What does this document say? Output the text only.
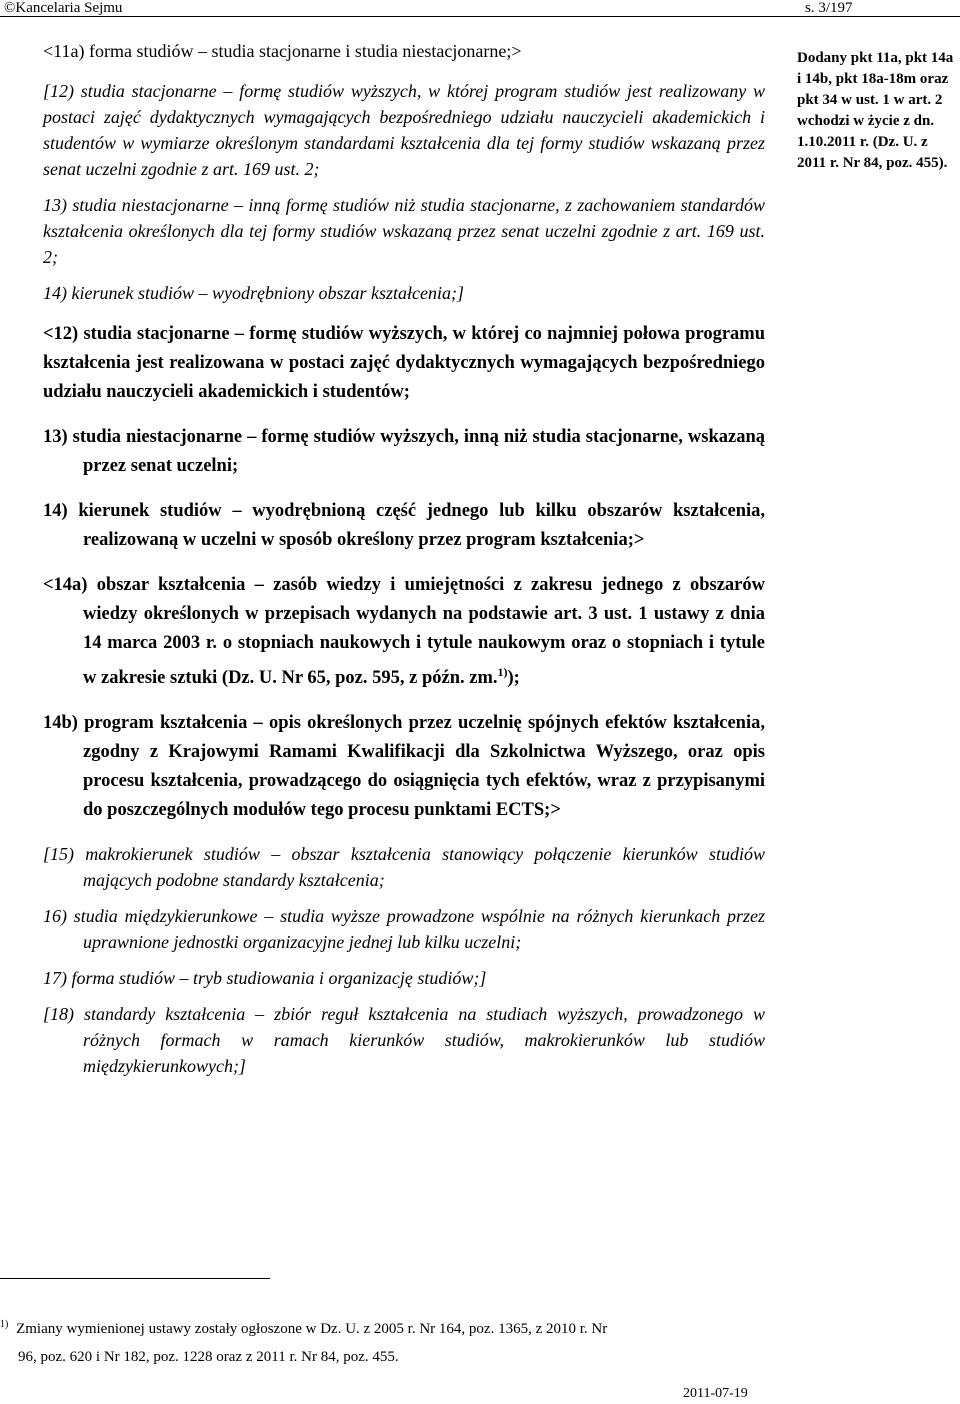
©Kancelaria Sejmu	s. 3/197

<11a) forma studiów – studia stacjonarne i studia niestacjonarne;>

[12) studia stacjonarne – formę studiów wyższych, w której program studiów jest realizowany w postaci zajęć dydaktycznych wymagających bezpośredniego udziału nauczycieli akademickich i studentów w wymiarze określonym standardami kształcenia dla tej formy studiów wskazaną przez senat uczelni zgodnie z art. 169 ust. 2;

13) studia niestacjonarne – inną formę studiów niż studia stacjonarne, z zachowaniem standardów kształcenia określonych dla tej formy studiów wskazaną przez senat uczelni zgodnie z art. 169 ust. 2;

14) kierunek studiów – wyodrębniony obszar kształcenia;]

<12) studia stacjonarne – formę studiów wyższych, w której co najmniej połowa programu kształcenia jest realizowana w postaci zajęć dydaktycznych wymagających bezpośredniego udziału nauczycieli akademickich i studentów;

13) studia niestacjonarne – formę studiów wyższych, inną niż studia stacjonarne, wskazaną przez senat uczelni;

14) kierunek studiów – wyodrębnioną część jednego lub kilku obszarów kształcenia, realizowaną w uczelni w sposób określony przez program kształcenia;>

<14a) obszar kształcenia – zasób wiedzy i umiejętności z zakresu jednego z obszarów wiedzy określonych w przepisach wydanych na podstawie art. 3 ust. 1 ustawy z dnia 14 marca 2003 r. o stopniach naukowych i tytule naukowym oraz o stopniach i tytule w zakresie sztuki (Dz. U. Nr 65, poz. 595, z późn. zm.$^{1)}$);

14b) program kształcenia – opis określonych przez uczelnię spójnych efektów kształcenia, zgodny z Krajowymi Ramami Kwalifikacji dla Szkolnictwa Wyższego, oraz opis procesu kształcenia, prowadzącego do osiągnięcia tych efektów, wraz z przypisanymi do poszczególnych modułów tego procesu punktami ECTS;>

[15) makrokierunek studiów – obszar kształcenia stanowiący połączenie kierunków studiów mających podobne standardy kształcenia;

16) studia międzykierunkowe – studia wyższe prowadzone wspólnie na różnych kierunkach przez uprawnione jednostki organizacyjne jednej lub kilku uczelni;

17) forma studiów – tryb studiowania i organizację studiów;]

[18) standardy kształcenia – zbiór reguł kształcenia na studiach wyższych, prowadzonego w różnych formach w ramach kierunków studiów, makrokierunków lub studiów międzykierunkowych;]

Dodany pkt 11a, pkt 14a i 14b, pkt 18a-18m oraz pkt 34 w ust. 1 w art. 2 wchodzi w życie z dn. 1.10.2011 r. (Dz. U. z 2011 r. Nr 84, poz. 455).
$^{1)}$ Zmiany wymienionej ustawy zostały ogłoszone w Dz. U. z 2005 r. Nr 164, poz. 1365, z 2010 r. Nr
96, poz. 620 i Nr 182, poz. 1228 oraz z 2011 r. Nr 84, poz. 455.
2011-07-19
